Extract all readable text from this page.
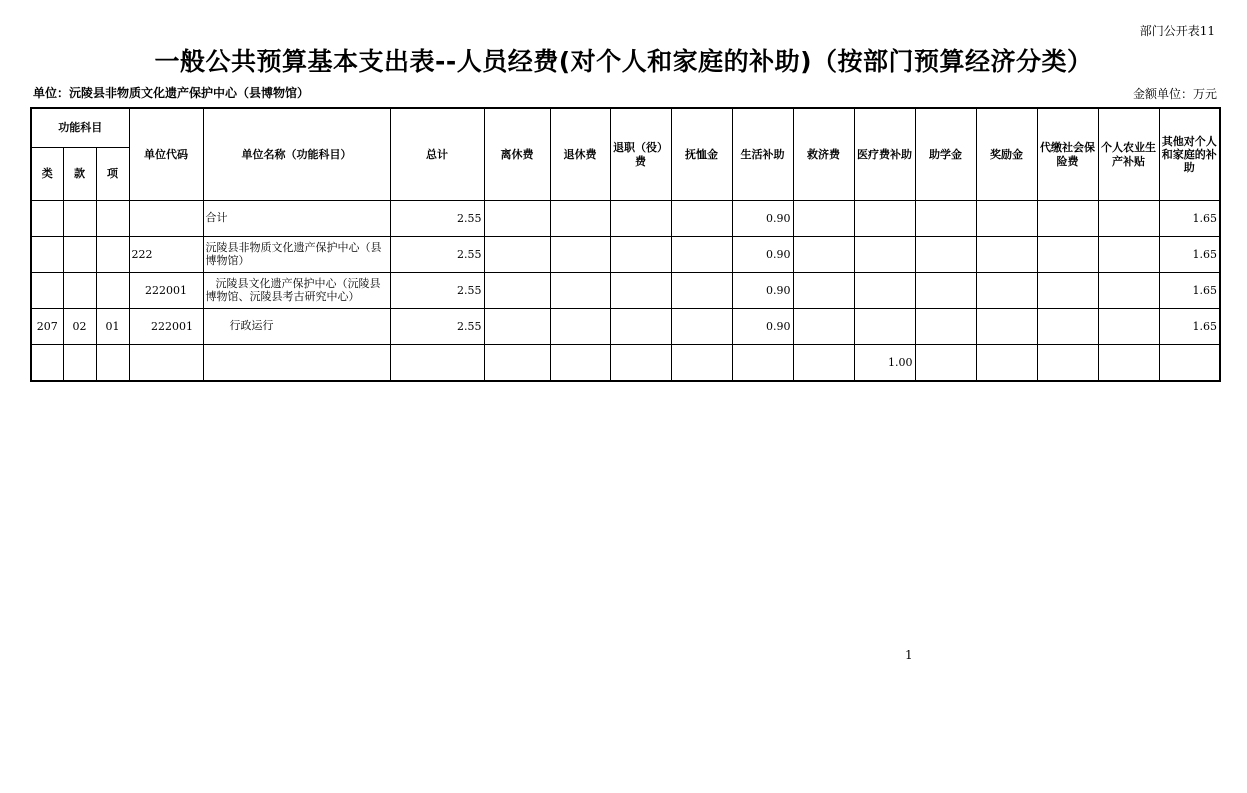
部门公开表11
一般公共预算基本支出表--人员经费(对个人和家庭的补助)（按部门预算经济分类）
单位：沅陵县非物质文化遗产保护中心（县博物馆）	金额单位：万元
功能科目			单位代码	单位名称（功能科目）	总计	离休费	退休费	退职（役）费	抚恤金	生活补助	救济费	医疗费补助	助学金	奖励金	代缴社会保险费	个人农业生产补贴	其他对个人和家庭的补助
类	款	项															
				合计	2.55					0.90							1.65
			222	沅陵县非物质文化遗产保护中心（县博物馆）	2.55					0.90							1.65
			222001	沅陵县文化遗产保护中心（沅陵县博物馆、沅陵县考古研究中心）	2.55					0.90							1.65
207	02	01	222001	行政运行	2.55					0.90							1.65
												1.00					
1
